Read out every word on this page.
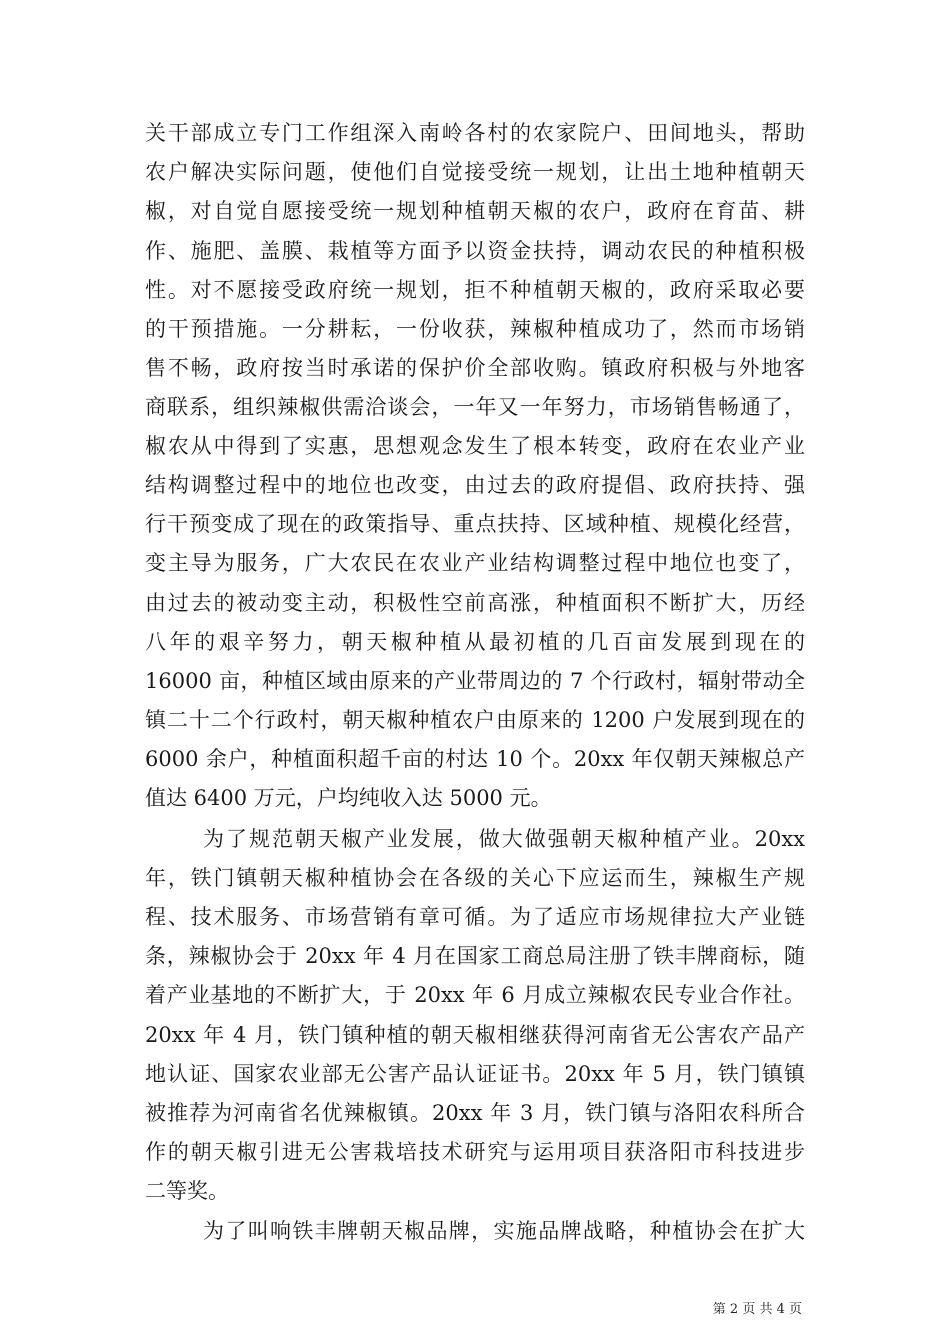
关干部成立专门工作组深入南岭各村的农家院户、田间地头，帮助
农户解决实际问题，使他们自觉接受统一规划，让出土地种植朝天
椒，对自觉自愿接受统一规划种植朝天椒的农户，政府在育苗、耕
作、施肥、盖膜、栽植等方面予以资金扶持，调动农民的种植积极
性。对不愿接受政府统一规划，拒不种植朝天椒的，政府采取必要
的干预措施。一分耕耘，一份收获，辣椒种植成功了，然而市场销
售不畅，政府按当时承诺的保护价全部收购。镇政府积极与外地客
商联系，组织辣椒供需洽谈会，一年又一年努力，市场销售畅通了，
椒农从中得到了实惠，思想观念发生了根本转变，政府在农业产业
结构调整过程中的地位也改变，由过去的政府提倡、政府扶持、强
行干预变成了现在的政策指导、重点扶持、区域种植、规模化经营，
变主导为服务，广大农民在农业产业结构调整过程中地位也变了，
由过去的被动变主动，积极性空前高涨，种植面积不断扩大，历经
八年的艰辛努力，朝天椒种植从最初植的几百亩发展到现在的
16000 亩，种植区域由原来的产业带周边的 7 个行政村，辐射带动全
镇二十二个行政村，朝天椒种植农户由原来的 1200 户发展到现在的
6000 余户，种植面积超千亩的村达 10 个。20xx 年仅朝天辣椒总产
值达 6400 万元，户均纯收入达 5000 元。
为了规范朝天椒产业发展，做大做强朝天椒种植产业。20xx
年，铁门镇朝天椒种植协会在各级的关心下应运而生，辣椒生产规
程、技术服务、市场营销有章可循。为了适应市场规律拉大产业链
条，辣椒协会于 20xx 年 4 月在国家工商总局注册了铁丰牌商标，随
着产业基地的不断扩大，于 20xx 年 6 月成立辣椒农民专业合作社。
20xx 年 4 月，铁门镇种植的朝天椒相继获得河南省无公害农产品产
地认证、国家农业部无公害产品认证证书。20xx 年 5 月，铁门镇镇
被推荐为河南省名优辣椒镇。20xx 年 3 月，铁门镇与洛阳农科所合
作的朝天椒引进无公害栽培技术研究与运用项目获洛阳市科技进步
二等奖。
为了叫响铁丰牌朝天椒品牌，实施品牌战略，种植协会在扩大
第 2 页 共 4 页
